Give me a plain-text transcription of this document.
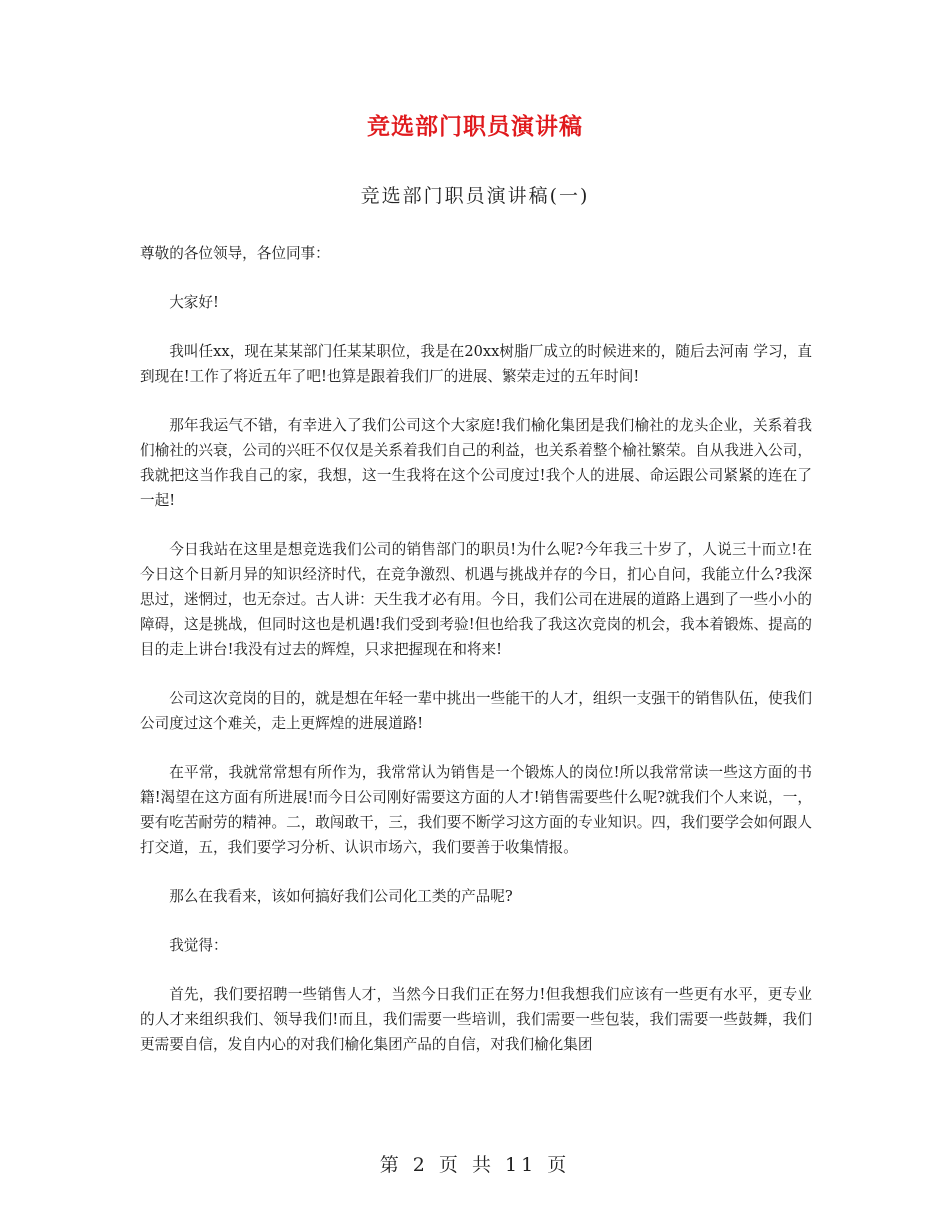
竞选部门职员演讲稿
竞选部门职员演讲稿(一)

尊敬的各位领导，各位同事：

大家好!

我叫任xx，现在某某部门任某某职位，我是在20xx树脂厂成立的时候进来的，随后去河南 学习，直到现在!工作了将近五年了吧!也算是跟着我们厂的进展、繁荣走过的五年时间!

那年我运气不错，有幸进入了我们公司这个大家庭!我们榆化集团是我们榆社的龙头企业，关系着我们榆社的兴衰，公司的兴旺不仅仅是关系着我们自己的利益，也关系着整个榆社繁荣。自从我进入公司，我就把这当作我自己的家，我想，这一生我将在这个公司度过!我个人的进展、命运跟公司紧紧的连在了一起!

今日我站在这里是想竞选我们公司的销售部门的职员!为什么呢?今年我三十岁了，人说三十而立!在今日这个日新月异的知识经济时代，在竞争激烈、机遇与挑战并存的今日，扪心自问，我能立什么?我深思过，迷惘过，也无奈过。古人讲：天生我才必有用。今日，我们公司在进展的道路上遇到了一些小小的障碍，这是挑战，但同时这也是机遇!我们受到考验!但也给我了我这次竞岗的机会，我本着锻炼、提高的目的走上讲台!我没有过去的辉煌，只求把握现在和将来!

公司这次竞岗的目的，就是想在年轻一辈中挑出一些能干的人才，组织一支强干的销售队伍，使我们公司度过这个难关，走上更辉煌的进展道路!

在平常，我就常常想有所作为，我常常认为销售是一个锻炼人的岗位!所以我常常读一些这方面的书籍!渴望在这方面有所进展!而今日公司刚好需要这方面的人才!销售需要些什么呢?就我们个人来说，一，要有吃苦耐劳的精神。二，敢闯敢干，三，我们要不断学习这方面的专业知识。四，我们要学会如何跟人打交道，五，我们要学习分析、认识市场六，我们要善于收集情报。

那么在我看来，该如何搞好我们公司化工类的产品呢?

我觉得：

首先，我们要招聘一些销售人才，当然今日我们正在努力!但我想我们应该有一些更有水平，更专业的人才来组织我们、领导我们!而且，我们需要一些培训，我们需要一些包装，我们需要一些鼓舞，我们更需要自信，发自内心的对我们榆化集团产品的自信，对我们榆化集团

第 2 页 共 11 页
